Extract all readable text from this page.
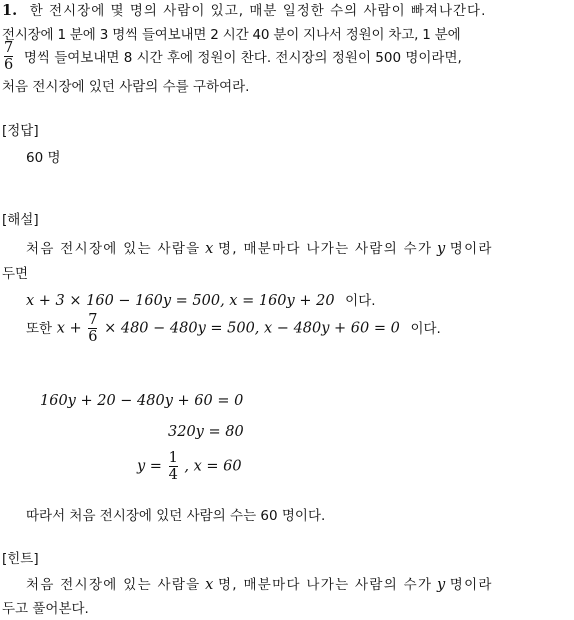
1. 한 전시장에 몇 명의 사람이 있고, 매분 일정한 수의 사람이 빠져나간다.
전시장에 1 분에 3 명씩 들여보내면 2 시간 40 분이 지나서 정원이 차고, 1 분에
$\frac{7}{6}$ 명씩 들여보내면 8 시간 후에 정원이 찬다. 전시장의 정원이 500 명이라면,
처음 전시장에 있던 사람의 수를 구하여라.
[정답]
60 명
[해설]
처음 전시장에 있는 사람을 x 명, 매분마다 나가는 사람의 수가 y 명이라
두면
x + 3 × 160 − 160y = 500, x = 160y + 20 이다.
또한 $x + \frac{7}{6} \times 480 - 480y = 500$, x − 480y + 60 = 0 이다.
160y + 20 − 480y + 60 = 0
320y = 80
$y = \frac{1}{4}$ , x = 60
따라서 처음 전시장에 있던 사람의 수는 60 명이다.
[힌트]
처음 전시장에 있는 사람을 x 명, 매분마다 나가는 사람의 수가 y 명이라
두고 풀어본다.
